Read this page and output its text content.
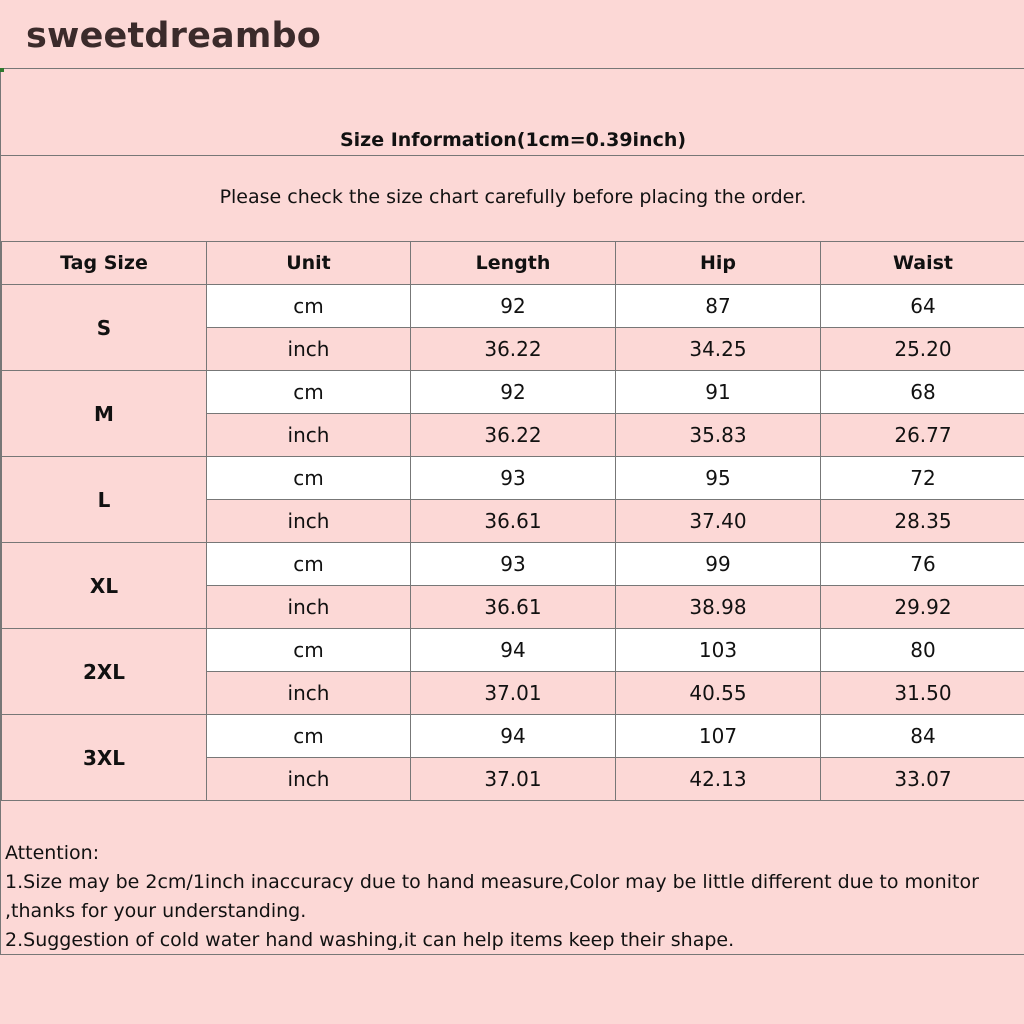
sweetdreambo
Size Information(1cm=0.39inch)
Please check the size chart carefully before placing the order.
Tag Size	Unit	Length	Hip	Waist
S	cm	92	87	64
	inch	36.22	34.25	25.20
M	cm	92	91	68
	inch	36.22	35.83	26.77
L	cm	93	95	72
	inch	36.61	37.40	28.35
XL	cm	93	99	76
	inch	36.61	38.98	29.92
2XL	cm	94	103	80
	inch	37.01	40.55	31.50
3XL	cm	94	107	84
	inch	37.01	42.13	33.07
Attention:
1.Size may be 2cm/1inch inaccuracy due to hand measure,Color may be little different due to monitor
,thanks for your understanding.
2.Suggestion of cold water hand washing,it can help items keep their shape.
